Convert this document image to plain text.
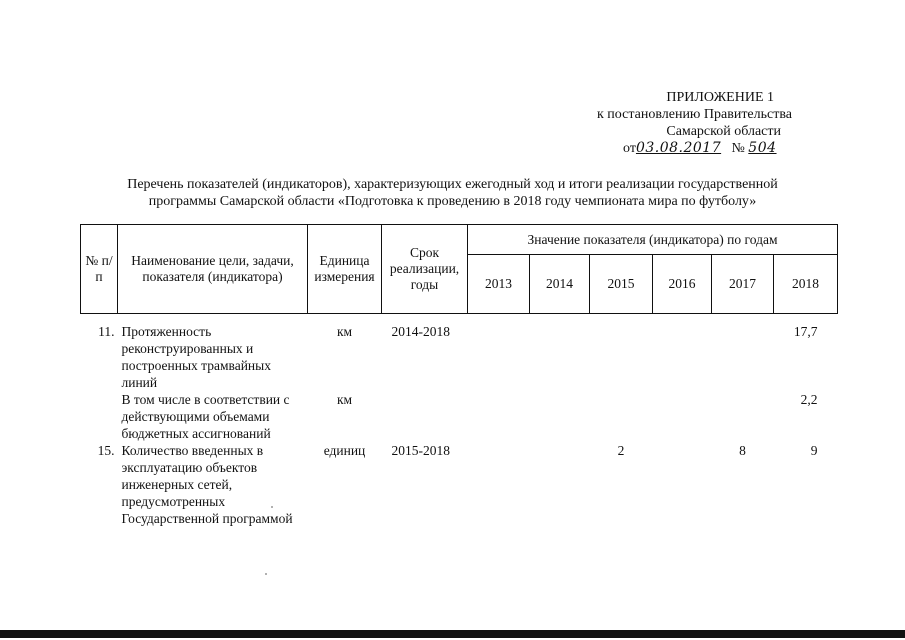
ПРИЛОЖЕНИЕ 1
к постановлению Правительства
Самарской области
от03.08.2017 № 504
Перечень показателей (индикаторов), характеризующих ежегодный ход и итоги реализации государственной
программы Самарской области «Подготовка к проведению в 2018 году чемпионата мира по футболу»
№ п/п	Наименование цели, задачи, показателя (индикатора)	Единица измерения	Срок реализации, годы	Значение показателя (индикатора) по годам					
				2013	2014	2015	2016	2017	2018
11.	Протяженность реконструированных и построенных трамвайных линий	км	2014-2018						17,7
	В том числе в соответствии с действующими объемами бюджетных ассигнований	км							2,2
15.	Количество введенных в эксплуатацию объектов инженерных сетей, предусмотренных Государственной программой	единиц	2015-2018			2		8	9
